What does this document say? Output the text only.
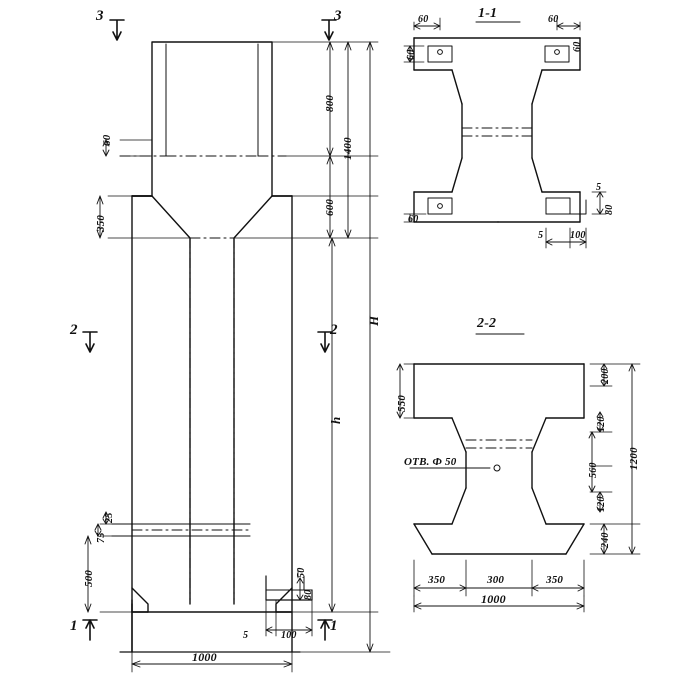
3	3
2	2
1	1
800
1400
600
350
60
H
h
25
75
500	50
80
5	100
1000
1-1
60
60
60
60
60
5
80
5	100
2-2
550
200
120
560
120
240
1200
350	300	350
1000
ОТВ. Ф 50
